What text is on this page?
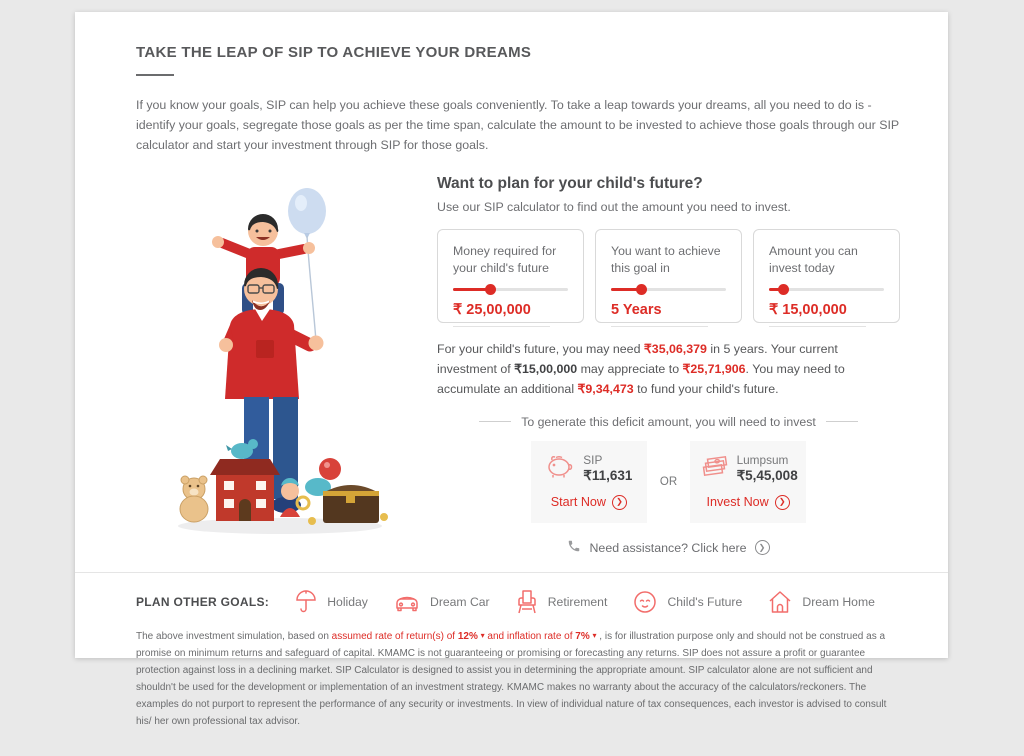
TAKE THE LEAP OF SIP TO ACHIEVE YOUR DREAMS

If you know your goals, SIP can help you achieve these goals conveniently. To take a leap towards your dreams, all you need to do is - identify your goals, segregate those goals as per the time span, calculate the amount to be invested to achieve those goals through our SIP calculator and start your investment through SIP for those goals.

Want to plan for your child's future?
Use our SIP calculator to find out the amount you need to invest.
Money required for your child's future
₹ 25,00,000
You want to achieve this goal in
5 Years
Amount you can invest today
₹ 15,00,000

For your child's future, you may need ₹35,06,379 in 5 years. Your current investment of ₹15,00,000 may appreciate to ₹25,71,906. You may need to accumulate an additional ₹9,34,473 to fund your child's future.

To generate this deficit amount, you will need to invest
SIP
₹11,631
Start Now	❯
OR
Lumpsum
₹5,45,008
Invest Now	❯
Need assistance? Click here	❯
PLAN OTHER GOALS:	Holiday	Dream Car	Retirement	Child's Future	Dream Home

The above investment simulation, based on assumed rate of return(s) of 12% ▾ and inflation rate of 7% ▾ , is for illustration purpose only and should not be construed as a promise on minimum returns and safeguard of capital. KMAMC is not guaranteeing or promising or forecasting any returns. SIP does not assure a profit or guarantee protection against loss in a declining market. SIP Calculator is designed to assist you in determining the appropriate amount. SIP calculator alone are not sufficient and shouldn't be used for the development or implementation of an investment strategy. KMAMC makes no warranty about the accuracy of the calculators/reckoners. The examples do not purport to represent the performance of any security or investments. In view of individual nature of tax consequences, each investor is advised to consult his/ her own professional tax advisor.
